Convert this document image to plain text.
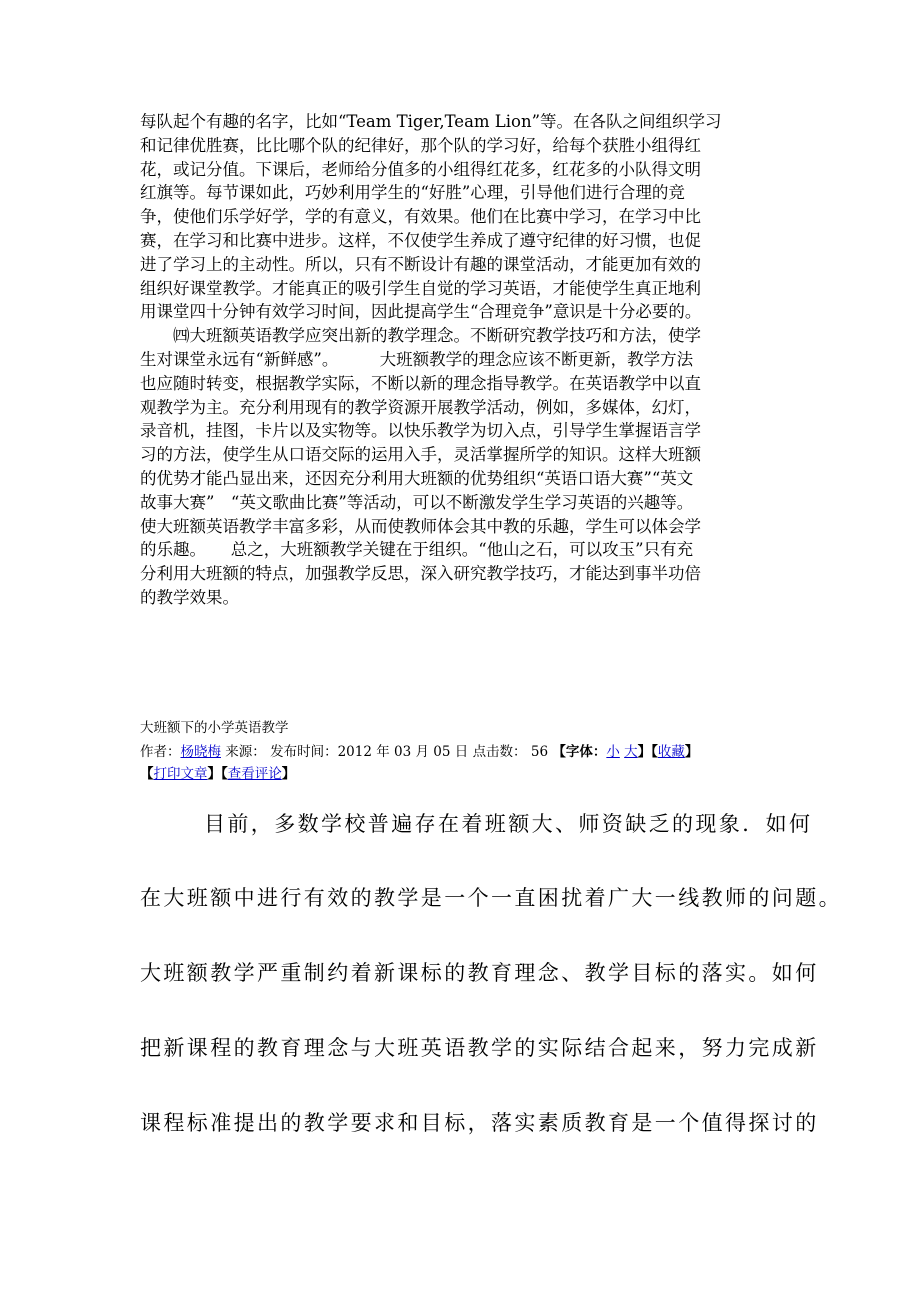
每队起个有趣的名字，比如“Team Tiger,Team Lion”等。在各队之间组织学习
和记律优胜赛，比比哪个队的纪律好，那个队的学习好，给每个获胜小组得红
花，或记分值。下课后，老师给分值多的小组得红花多，红花多的小队得文明
红旗等。每节课如此，巧妙利用学生的“好胜”心理，引导他们进行合理的竞
争，使他们乐学好学，学的有意义，有效果。他们在比赛中学习，在学习中比
赛，在学习和比赛中进步。这样，不仅使学生养成了遵守纪律的好习惯，也促
进了学习上的主动性。所以，只有不断设计有趣的课堂活动，才能更加有效的
组织好课堂教学。才能真正的吸引学生自觉的学习英语，才能使学生真正地利
用课堂四十分钟有效学习时间，因此提高学生“合理竞争”意识是十分必要的。
　　㈣大班额英语教学应突出新的教学理念。不断研究教学技巧和方法，使学
生对课堂永远有“新鲜感”。　　　大班额教学的理念应该不断更新，教学方法
也应随时转变，根据教学实际，不断以新的理念指导教学。在英语教学中以直
观教学为主。充分利用现有的教学资源开展教学活动，例如，多媒体，幻灯，
录音机，挂图，卡片以及实物等。以快乐教学为切入点，引导学生掌握语言学
习的方法，使学生从口语交际的运用入手，灵活掌握所学的知识。这样大班额
的优势才能凸显出来，还因充分利用大班额的优势组织“英语口语大赛”“英文
故事大赛”　“英文歌曲比赛”等活动，可以不断激发学生学习英语的兴趣等。
使大班额英语教学丰富多彩，从而使教师体会其中教的乐趣，学生可以体会学
的乐趣。　　总之，大班额教学关键在于组织。“他山之石，可以攻玉”只有充
分利用大班额的特点，加强教学反思，深入研究教学技巧，才能达到事半功倍
的教学效果。
大班额下的小学英语教学
作者：杨晓梅 来源： 发布时间：2012 年 03 月 05 日 点击数： 56 【字体：小 大】【收藏】
【打印文章】【查看评论】
目前，多数学校普遍存在着班额大、师资缺乏的现象．如何
在大班额中进行有效的教学是一个一直困扰着广大一线教师的问题。
大班额教学严重制约着新课标的教育理念、教学目标的落实。如何
把新课程的教育理念与大班英语教学的实际结合起来，努力完成新
课程标准提出的教学要求和目标，落实素质教育是一个值得探讨的
